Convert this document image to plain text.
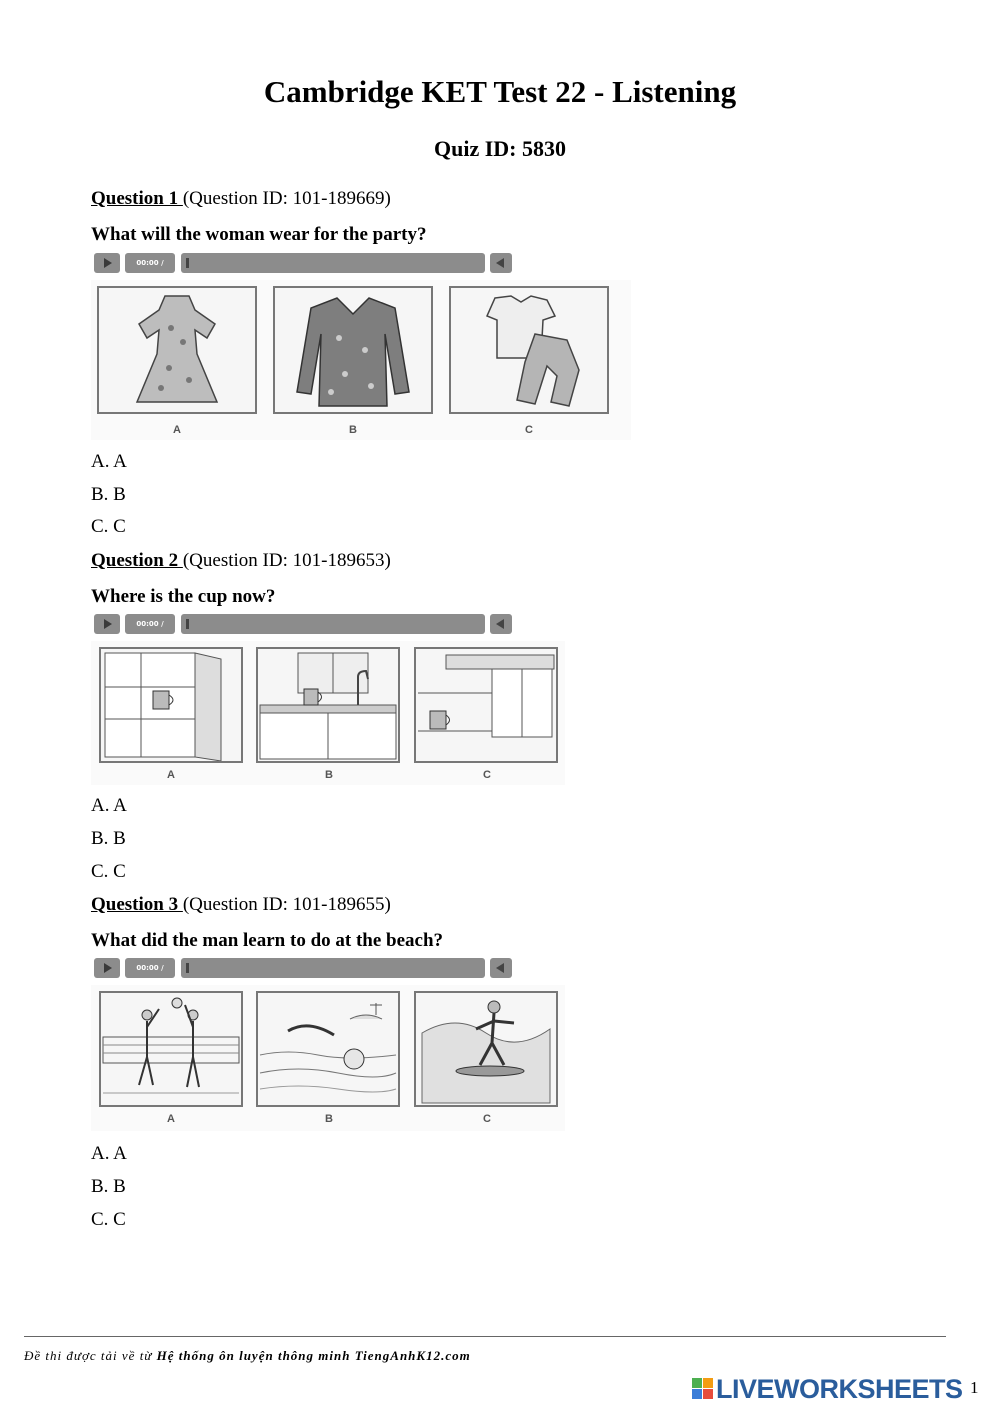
Cambridge KET Test 22 - Listening
Quiz ID: 5830
Question 1 (Question ID: 101-189669)
What will the woman wear for the party?
00:00 /
A	B	C
A. A
B. B
C. C
Question 2 (Question ID: 101-189653)
Where is the cup now?
00:00 /
A	B	C
A. A
B. B
C. C
Question 3 (Question ID: 101-189655)
What did the man learn to do at the beach?
00:00 /
A	B	C
A. A
B. B
C. C
Đề thi được tải về từ Hệ thống ôn luyện thông minh TiengAnhK12.com
LIVEWORKSHEETS 1
